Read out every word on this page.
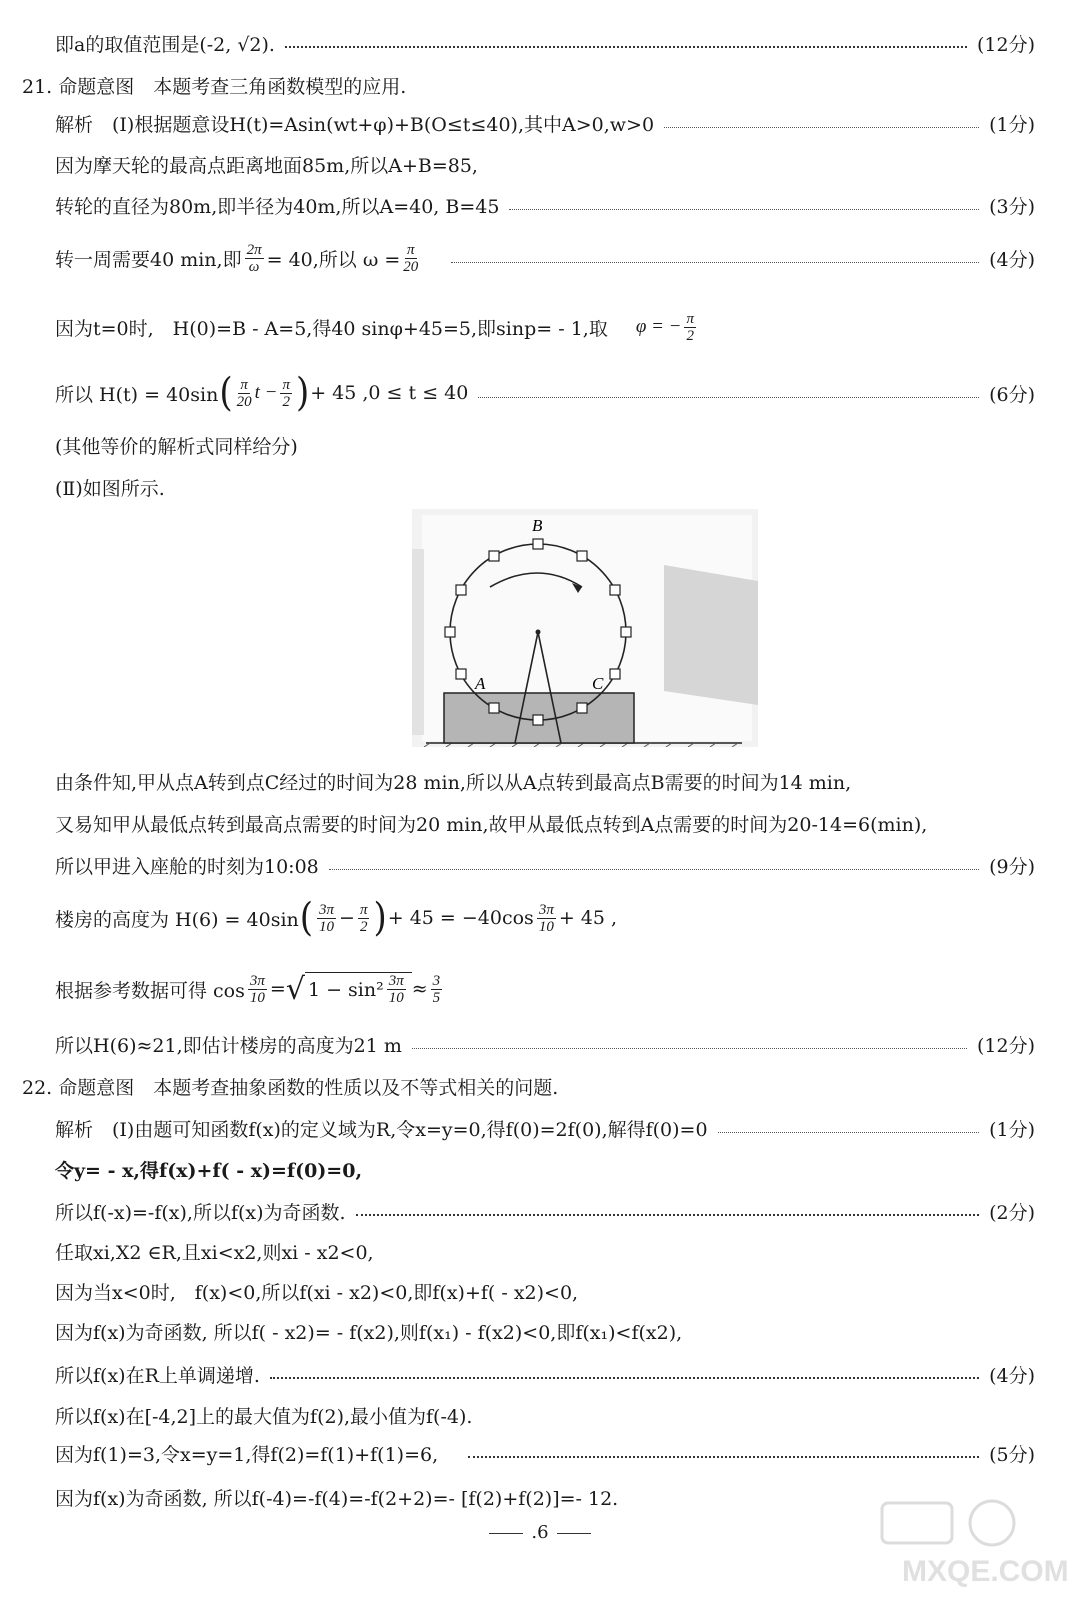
即a的取值范围是(-2, √2).	(12分)
21. 命题意图　本题考查三角函数模型的应用.
解析　(I)根据题意设H(t)=Asin(wt+φ)+B(O≤t≤40),其中A>0,w>0	(1分)
因为摩天轮的最高点距离地面85m,所以A+B=85,
转轮的直径为80m,即半径为40m,所以A=40, B=45	(3分)
转一周需要40 min,即 $\frac{2\pi}{\omega} = 40$,所以 $\omega = \frac{\pi}{20}$	(4分)
因为t=0时,　H(0)=B - A=5,得40 sinφ+45=5,即sinp= - 1,取 φ = − $\frac{\pi}{2}$
所以 H(t) = 40sin ( $\frac{\pi}{20}$ $t - \frac{\pi}{2}$ ) + 45 ,0 ≤ t ≤ 40	(6分)
(其他等价的解析式同样给分)
(Ⅱ)如图所示.
B
A	C
由条件知,甲从点A转到点C经过的时间为28 min,所以从A点转到最高点B需要的时间为14 min,
又易知甲从最低点转到最高点需要的时间为20 min,故甲从最低点转到A点需要的时间为20-14=6(min),
所以甲进入座舱的时刻为10:08	(9分)
楼房的高度为 H(6) = 40sin ( $\frac{3\pi}{10} - \frac{\pi}{2}$ ) + $45 = -40\cos \frac{3\pi}{10} + 45$ ,
根据参考数据可得 $\cos \frac{3\pi}{10}$ = √ $1 - \sin^2 \frac{3\pi}{10} \approx \frac{3}{5}$
所以H(6)≈21,即估计楼房的高度为21 m	(12分)
22. 命题意图　本题考查抽象函数的性质以及不等式相关的问题.
解析　(I)由题可知函数f(x)的定义域为R,令x=y=0,得f(0)=2f(0),解得f(0)=0	(1分)
令y= - x,得f(x)+f( - x)=f(0)=0,
所以f(-x)=-f(x),所以f(x)为奇函数.	(2分)
任取xi,X2 ∈R,且xi<x2,则xi - x2<0,
因为当x<0时,　f(x)<0,所以f(xi - x2)<0,即f(x)+f( - x2)<0,
因为f(x)为奇函数, 所以f( - x2)= - f(x2),则f(x₁) - f(x2)<0,即f(x₁)<f(x2),
所以f(x)在R上单调递增.	(4分)
所以f(x)在[-4,2]上的最大值为f(2),最小值为f(-4).
因为f(1)=3,令x=y=1,得f(2)=f(1)+f(1)=6,	(5分)
因为f(x)为奇函数, 所以f(-4)=-f(4)=-f(2+2)=- [f(2)+f(2)]=- 12.
.6
MXQE.COM
